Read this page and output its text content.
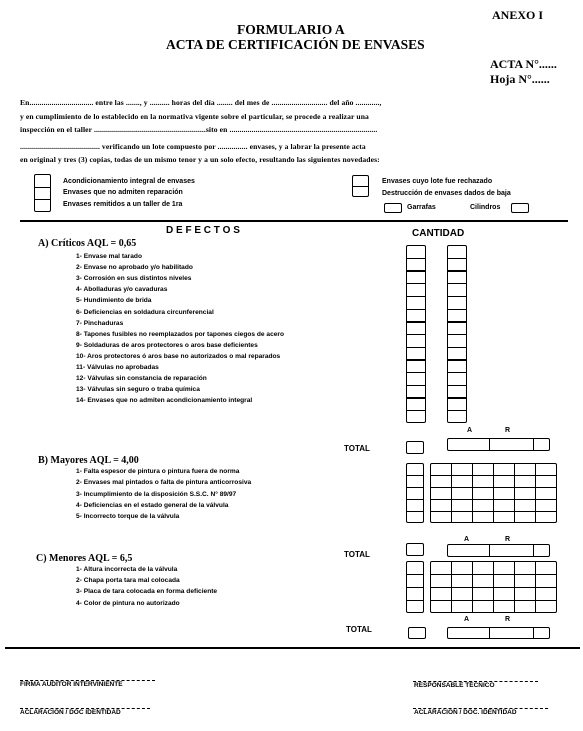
ANEXO I
FORMULARIO A
ACTA DE CERTIFICACIÓN DE ENVASES
ACTA N°......
Hoja N°......
En................................ entre las ......., y .......... horas del día ........ del mes de ............................ del año ............,
y en cumplimiento de lo establecido en la normativa vigente sobre el particular, se procede a realizar una
inspección en el taller ........................................................sito en ..........................................................................
........................................ verificando un lote compuesto por ............... envases, y a labrar la presente acta
en original y tres (3) copias, todas de un mismo tenor y a un solo efecto, resultando las siguientes novedades:
Acondicionamiento integral de envases
Envases que no admiten reparación
Envases remitidos a un taller de 1ra
Envases cuyo lote fue rechazado
Destrucción de envases dados de baja
Garrafas	Cilindros
D E F E C T O S	CANTIDAD
A) Críticos AQL = 0,65
1- Envase mal tarado
2- Envase no aprobado y/o habilitado
3- Corrosión en sus distintos niveles
4- Abolladuras y/o cavaduras
5- Hundimiento de brida
6- Deficiencias en soldadura circunferencial
7- Pinchaduras
8- Tapones fusibles no reemplazados por tapones ciegos de acero
9- Soldaduras de aros protectores o aros base deficientes
10- Aros protectores ó aros base no autorizados o mal reparados
11- Válvulas no aprobadas
12- Válvulas sin constancia de reparación
13- Válvulas sin seguro o traba química
14- Envases que no admiten acondicionamiento integral
TOTAL
A	R
B) Mayores AQL = 4,00
1- Falta espesor de pintura o pintura fuera de norma
2- Envases mal pintados o falta de pintura anticorrosiva
3- Incumplimiento de la disposición S.S.C. N° 89/97
4- Deficiencias en el estado general de la válvula
5- Incorrecto torque de la válvula
TOTAL
A	R
C) Menores AQL = 6,5
1- Altura incorrecta de la válvula
2- Chapa porta tara mal colocada
3- Placa de tara colocada en forma deficiente
4- Color de pintura no autorizado
TOTAL
A	R
FIRMA AUDITOR INTERVINIENTE
ACLARACIÓN / DOC IDENTIDAD
RESPONSABLE TÉCNICO
ACLARACIÓN / DOC. IDENTIDAD
